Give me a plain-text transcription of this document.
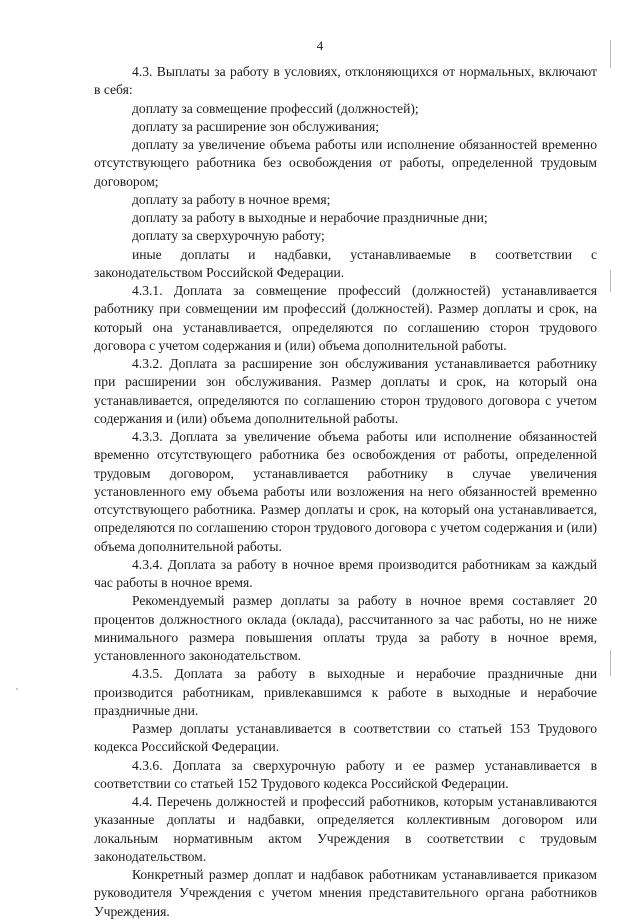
4

4.3. Выплаты за работу в условиях, отклоняющихся от нормальных, включают в себя:

доплату за совмещение профессий (должностей);

доплату за расширение зон обслуживания;

доплату за увеличение объема работы или исполнение обязанностей временно отсутствующего работника без освобождения от работы, определенной трудовым договором;

доплату за работу в ночное время;

доплату за работу в выходные и нерабочие праздничные дни;

доплату за сверхурочную работу;

иные доплаты и надбавки, устанавливаемые в соответствии с законодательством Российской Федерации.

4.3.1. Доплата за совмещение профессий (должностей) устанавливается работнику при совмещении им профессий (должностей). Размер доплаты и срок, на который она устанавливается, определяются по соглашению сторон трудового договора с учетом содержания и (или) объема дополнительной работы.

4.3.2. Доплата за расширение зон обслуживания устанавливается работнику при расширении зон обслуживания. Размер доплаты и срок, на который она устанавливается, определяются по соглашению сторон трудового договора с учетом содержания и (или) объема дополнительной работы.

4.3.3. Доплата за увеличение объема работы или исполнение обязанностей временно отсутствующего работника без освобождения от работы, определенной трудовым договором, устанавливается работнику в случае увеличения установленного ему объема работы или возложения на него обязанностей временно отсутствующего работника. Размер доплаты и срок, на который она устанавливается, определяются по соглашению сторон трудового договора с учетом содержания и (или) объема дополнительной работы.

4.3.4. Доплата за работу в ночное время производится работникам за каждый час работы в ночное время.

Рекомендуемый размер доплаты за работу в ночное время составляет 20 процентов должностного оклада (оклада), рассчитанного за час работы, но не ниже минимального размера повышения оплаты труда за работу в ночное время, установленного законодательством.

4.3.5. Доплата за работу в выходные и нерабочие праздничные дни производится работникам, привлекавшимся к работе в выходные и нерабочие праздничные дни.

Размер доплаты устанавливается в соответствии со статьей 153 Трудового кодекса Российской Федерации.

4.3.6. Доплата за сверхурочную работу и ее размер устанавливается в соответствии со статьей 152 Трудового кодекса Российской Федерации.

4.4. Перечень должностей и профессий работников, которым устанавливаются указанные доплаты и надбавки, определяется коллективным договором или локальным нормативным актом Учреждения в соответствии с трудовым законодательством.

Конкретный размер доплат и надбавок работникам устанавливается приказом руководителя Учреждения с учетом мнения представительного органа работников Учреждения.
